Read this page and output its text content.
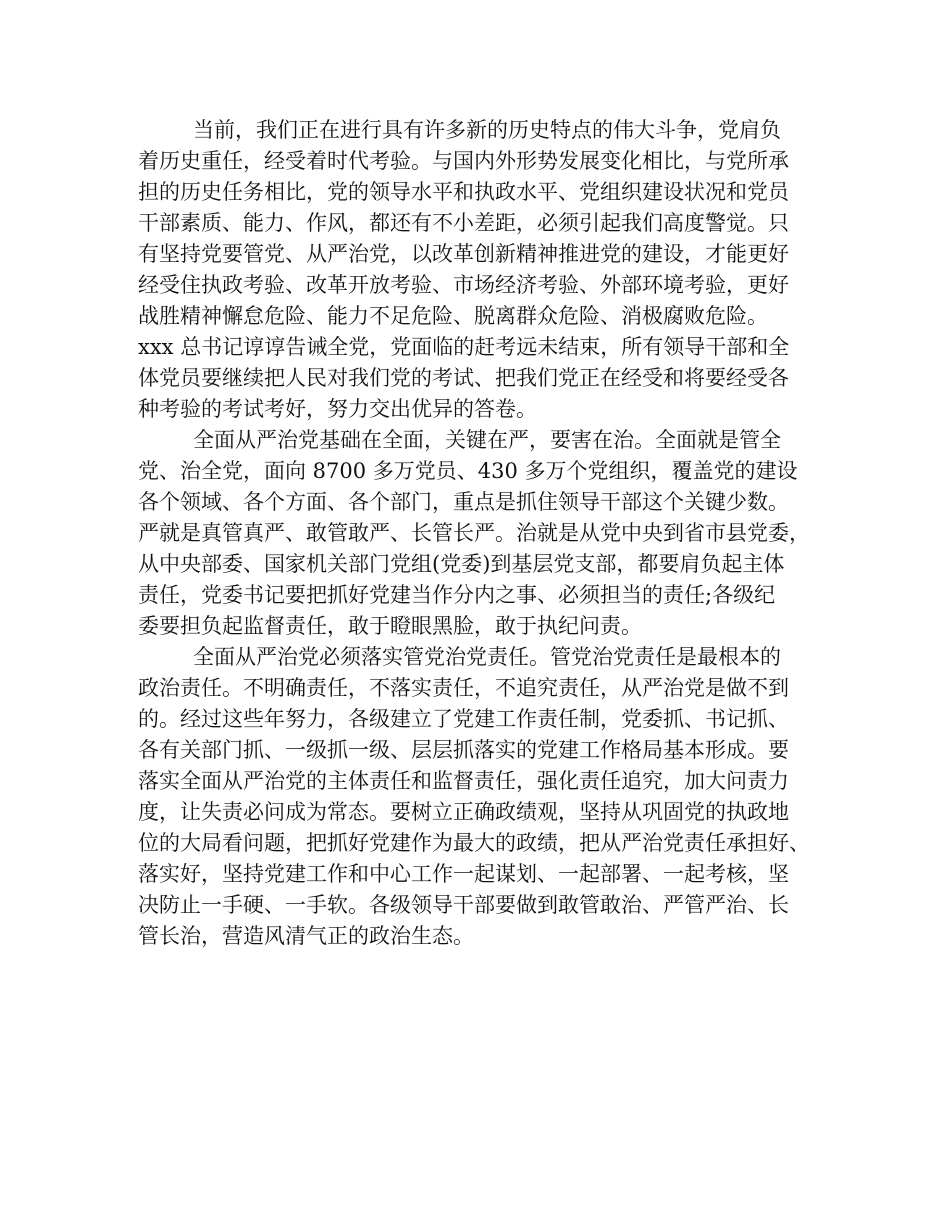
当前，我们正在进行具有许多新的历史特点的伟大斗争，党肩负
着历史重任，经受着时代考验。与国内外形势发展变化相比，与党所承
担的历史任务相比，党的领导水平和执政水平、党组织建设状况和党员
干部素质、能力、作风，都还有不小差距，必须引起我们高度警觉。只
有坚持党要管党、从严治党，以改革创新精神推进党的建设，才能更好
经受住执政考验、改革开放考验、市场经济考验、外部环境考验，更好
战胜精神懈怠危险、能力不足危险、脱离群众危险、消极腐败危险。
xxx 总书记谆谆告诫全党，党面临的赶考远未结束，所有领导干部和全
体党员要继续把人民对我们党的考试、把我们党正在经受和将要经受各
种考验的考试考好，努力交出优异的答卷。
全面从严治党基础在全面，关键在严，要害在治。全面就是管全
党、治全党，面向 8700 多万党员、430 多万个党组织，覆盖党的建设
各个领域、各个方面、各个部门，重点是抓住领导干部这个关键少数。
严就是真管真严、敢管敢严、长管长严。治就是从党中央到省市县党委，
从中央部委、国家机关部门党组(党委)到基层党支部，都要肩负起主体
责任，党委书记要把抓好党建当作分内之事、必须担当的责任;各级纪
委要担负起监督责任，敢于瞪眼黑脸，敢于执纪问责。
全面从严治党必须落实管党治党责任。管党治党责任是最根本的
政治责任。不明确责任，不落实责任，不追究责任，从严治党是做不到
的。经过这些年努力，各级建立了党建工作责任制，党委抓、书记抓、
各有关部门抓、一级抓一级、层层抓落实的党建工作格局基本形成。要
落实全面从严治党的主体责任和监督责任，强化责任追究，加大问责力
度，让失责必问成为常态。要树立正确政绩观，坚持从巩固党的执政地
位的大局看问题，把抓好党建作为最大的政绩，把从严治党责任承担好、
落实好，坚持党建工作和中心工作一起谋划、一起部署、一起考核，坚
决防止一手硬、一手软。各级领导干部要做到敢管敢治、严管严治、长
管长治，营造风清气正的政治生态。
